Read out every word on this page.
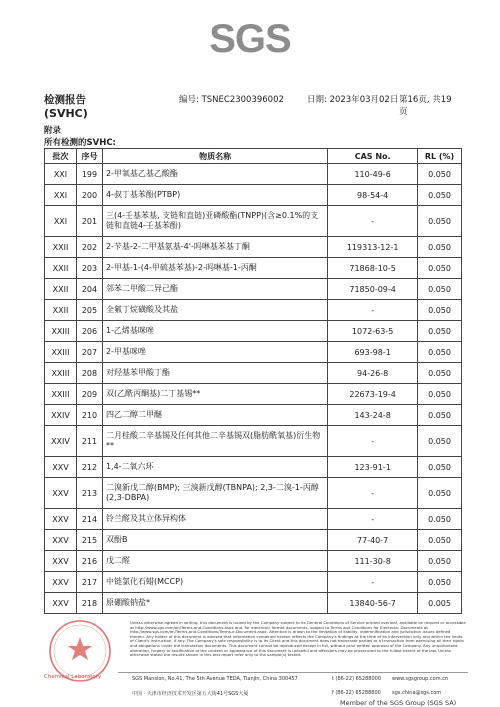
SGS
检测报告	编号: TSNEC2300396002	日期: 2023年03月02日 第16页, 共19页
(SVHC)
附录
所有检测的SVHC:
批次	序号	物质名称	CAS No.	RL (%)
XXI	199	2-甲氧基乙基乙酸酯	110-49-6	0.050
XXI	200	4-叔丁基苯酚(PTBP)	98-54-4	0.050
XXI	201	三(4-壬基苯基, 支链和直链)亚磷酸酯(TNPP)(含≥0.1%的支链和直链4-壬基苯酚)	-	0.050
XXII	202	2-苄基-2-二甲基氨基-4'-吗啉基苯基丁酮	119313-12-1	0.050
XXII	203	2-甲基-1-(4-甲硫基苯基)-2-吗啉基-1-丙酮	71868-10-5	0.050
XXII	204	邻苯二甲酸二异己酯	71850-09-4	0.050
XXII	205	全氟丁烷磺酸及其盐	-	0.050
XXIII	206	1-乙烯基咪唑	1072-63-5	0.050
XXIII	207	2-甲基咪唑	693-98-1	0.050
XXIII	208	对羟基苯甲酸丁酯	94-26-8	0.050
XXIII	209	双(乙酰丙酮基)二丁基锡**	22673-19-4	0.050
XXIV	210	四乙二醇二甲醚	143-24-8	0.050
XXIV	211	二月桂酸二辛基锡及任何其他二辛基锡双(脂肪酰氧基)衍生物**	-	0.050
XXV	212	1,4-二氧六环	123-91-1	0.050
XXV	213	二溴新戊二醇(BMP); 三溴新戊醇(TBNPA); 2,3-二溴-1-丙醇(2,3-DBPA)	-	0.050
XXV	214	铃兰醛及其立体异构体	-	0.050
XXV	215	双酚B	77-40-7	0.050
XXV	216	戊二醛	111-30-8	0.050
XXV	217	中链氯化石蜡(MCCP)	-	0.050
XXV	218	原硼酸钠盐*	13840-56-7	0.005
Chemical Laboratory
Unless otherwise agreed in writing, this document is issued by the Company subject to its General Conditions of Service printed overleaf, available on request or accessible at http://www.sgs.com/en/Terms-and-Conditions.aspx and, for electronic format documents, subject to Terms and Conditions for Electronic Documents at http://www.sgs.com/en/Terms-and-Conditions/Terms-e-Document.aspx. Attention is drawn to the limitation of liability, indemnification and jurisdiction issues defined therein. Any holder of this document is advised that information contained hereon reflects the Company's findings at the time of its intervention only and within the limits of Client's instruction, if any. The Company's sole responsibility is to its Client and this document does not exonerate parties to a transaction from exercising all their rights and obligations under the transaction documents. This document cannot be reproduced except in full, without prior written approval of the Company. Any unauthorized alteration, forgery or falsification of the content or appearance of this document is unlawful and offenders may be prosecuted to the fullest extent of the law. Unless otherwise stated the results shown in this test report refer only to the sample(s) tested.
SGS Mansion, No.41, The 5th Avenue TEDA, Tianjin, China 300457
中国 · 天津市经济技术开发区第五大街41号SGS大厦
t (86-22) 65288000
f (86-22) 65288800
www.sgsgroup.com.cn
sgs.china@sgs.com
Member of the SGS Group (SGS SA)
